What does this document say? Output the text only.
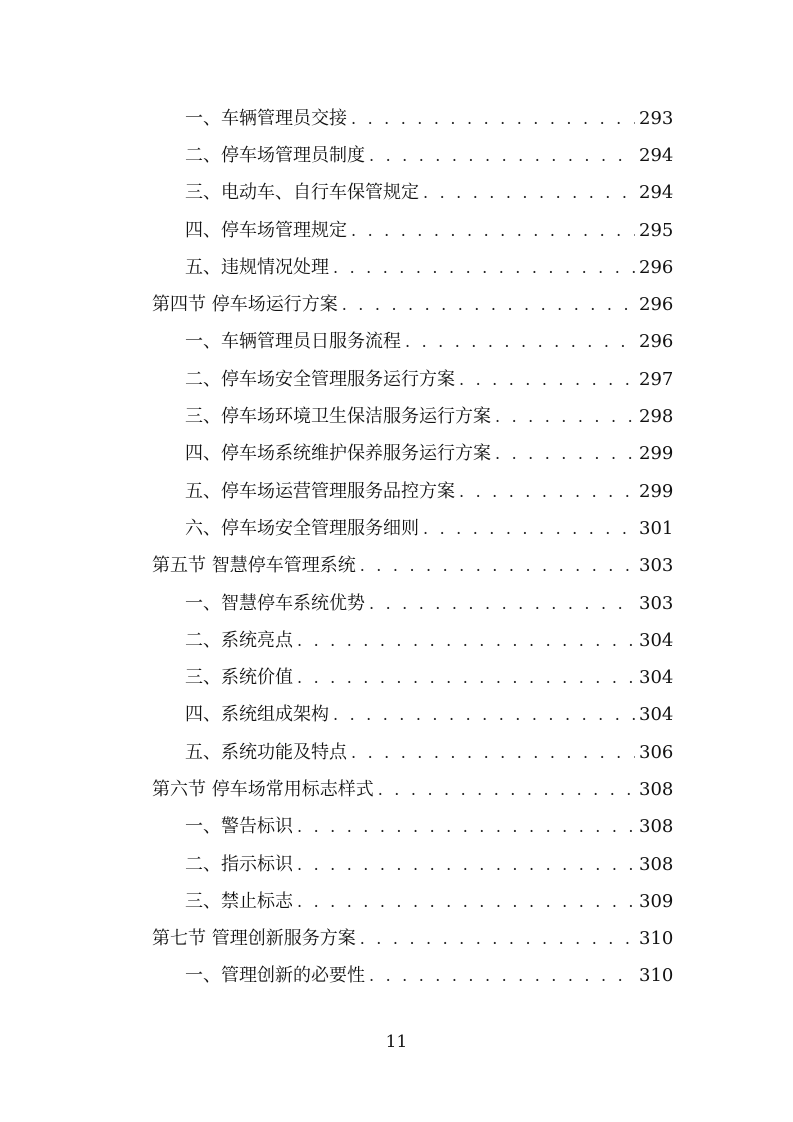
一、车辆管理员交接 . . .	293
二、停车场管理员制度 . . .	294
三、电动车、自行车保管规定 . . .	294
四、停车场管理规定 . . .	295
五、违规情况处理 . . .	296
第四节 停车场运行方案 . . .	296
一、车辆管理员日服务流程 . . .	296
二、停车场安全管理服务运行方案 . . .	297
三、停车场环境卫生保洁服务运行方案 . . .	298
四、停车场系统维护保养服务运行方案 . . .	299
五、停车场运营管理服务品控方案 . . .	299
六、停车场安全管理服务细则 . . .	301
第五节 智慧停车管理系统 . . .	303
一、智慧停车系统优势 . . .	303
二、系统亮点 . . .	304
三、系统价值 . . .	304
四、系统组成架构 . . .	304
五、系统功能及特点 . . .	306
第六节 停车场常用标志样式 . . .	308
一、警告标识 . . .	308
二、指示标识 . . .	308
三、禁止标志 . . .	309
第七节 管理创新服务方案 . . .	310
一、管理创新的必要性 . . .	310
11
